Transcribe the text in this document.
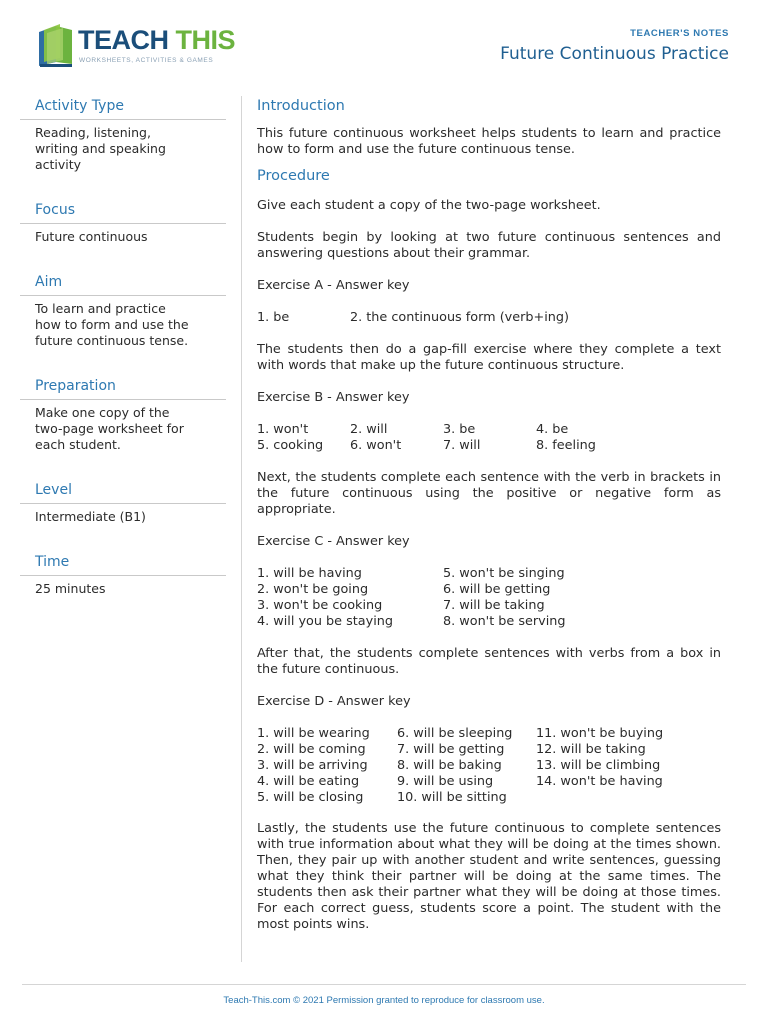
TEACH THIS
WORKSHEETS, ACTIVITIES & GAMES
TEACHER'S NOTES
Future Continuous Practice
Activity Type
Reading, listening,
writing and speaking
activity
Focus
Future continuous
Aim
To learn and practice
how to form and use the
future continuous tense.
Preparation
Make one copy of the
two-page worksheet for
each student.
Level
Intermediate (B1)
Time
25 minutes
Introduction
This future continuous worksheet helps students to learn and practice how to form and use the future continuous tense.
Procedure
Give each student a copy of the two-page worksheet.
Students begin by looking at two future continuous sentences and answering questions about their grammar.
Exercise A - Answer key
1. be	2. the continuous form (verb+ing)
The students then do a gap-fill exercise where they complete a text with words that make up the future continuous structure.
Exercise B - Answer key
1. won't	2. will	3. be	4. be
5. cooking	6. won't	7. will	8. feeling
Next, the students complete each sentence with the verb in brackets in the future continuous using the positive or negative form as appropriate.
Exercise C - Answer key
1. will be having	5. won't be singing
2. won't be going	6. will be getting
3. won't be cooking	7. will be taking
4. will you be staying	8. won't be serving
After that, the students complete sentences with verbs from a box in the future continuous.
Exercise D - Answer key
1. will be wearing	6. will be sleeping	11. won't be buying
2. will be coming	7. will be getting	12. will be taking
3. will be arriving	8. will be baking	13. will be climbing
4. will be eating	9. will be using	14. won't be having
5. will be closing	10. will be sitting
Lastly, the students use the future continuous to complete sentences with true information about what they will be doing at the times shown. Then, they pair up with another student and write sentences, guessing what they think their partner will be doing at the same times. The students then ask their partner what they will be doing at those times. For each correct guess, students score a point. The student with the most points wins.
Teach-This.com © 2021 Permission granted to reproduce for classroom use.
